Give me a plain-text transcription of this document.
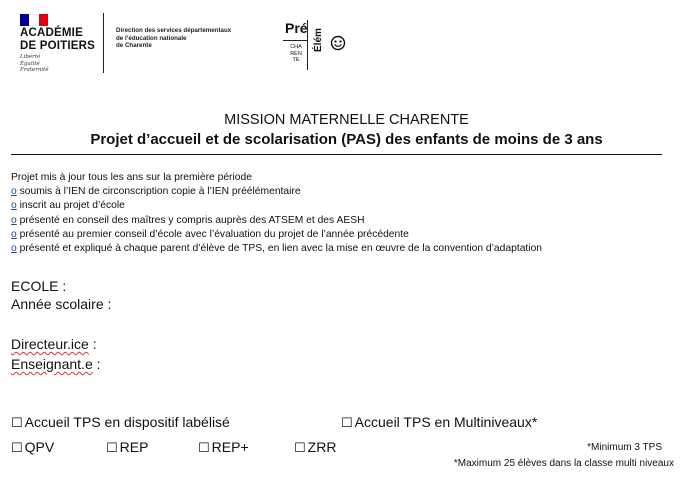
ACADÉMIE
DE POITIERS
Liberté
Égalité
Fraternité
Direction des services départementaux
de l’éducation nationale
de Charente
Pré
Élém
CHA
REN
TE
MISSION MATERNELLE CHARENTE
Projet d’accueil et de scolarisation (PAS) des enfants de moins de 3 ans
Projet mis à jour tous les ans sur la première période
o soumis à l’IEN de circonscription copie à l’IEN préélémentaire
o inscrit au projet d’école
o présenté en conseil des maîtres y compris auprès des ATSEM et des AESH
o présenté au premier conseil d’école avec l’évaluation du projet de l’année précédente
o présenté et expliqué à chaque parent d’élève de TPS, en lien avec la mise en œuvre de la convention d’adaptation
ECOLE :
Année scolaire :
Directeur.ice :
Enseignant.e :
☐ Accueil TPS en dispositif labélisé	☐ Accueil TPS en Multiniveaux*
☐ QPV	☐ REP	☐ REP+	☐ ZRR	*Minimum 3 TPS
*Maximum 25 élèves dans la classe multi niveaux
